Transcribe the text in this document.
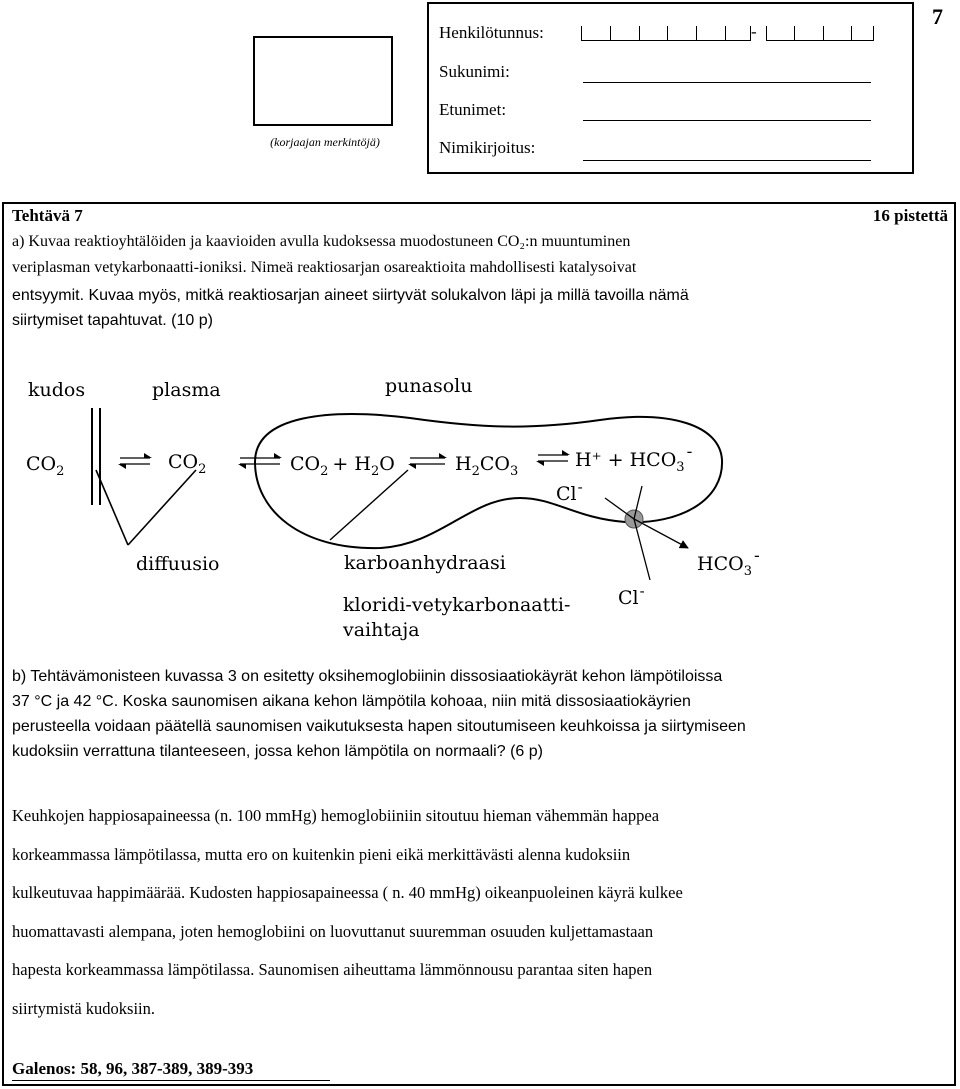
7
(korjaajan merkintöjä)
Henkilötunnus:	-
Sukunimi:
Etunimet:
Nimikirjoitus:
Tehtävä 7	16 pistettä
a) Kuvaa reaktioyhtälöiden ja kaavioiden avulla kudoksessa muodostuneen CO₂:n muuntuminen
veriplasman vetykarbonaatti-ioniksi. Nimeä reaktiosarjan osareaktioita mahdollisesti katalysoivat
entsyymit. Kuvaa myös, mitkä reaktiosarjan aineet siirtyvät solukalvon läpi ja millä tavoilla nämä
siirtymiset tapahtuvat. (10 p)
kudos	plasma	punasolu
$CO_2$	$CO_2$	$CO_2 + H_2O$	$H_2CO_3$
$H^+ + HCO_3-$
Cl-
diffuusio	karboanhydraasi	$HCO_3-$
Cl-
kloridi-vetykarbonaatti-
vaihtaja
b) Tehtävämonisteen kuvassa 3 on esitetty oksihemoglobiinin dissosiaatiokäyrät kehon lämpötiloissa
37 °C ja 42 °C. Koska saunomisen aikana kehon lämpötila kohoaa, niin mitä dissosiaatiokäyrien
perusteella voidaan päätellä saunomisen vaikutuksesta hapen sitoutumiseen keuhkoissa ja siirtymiseen
kudoksiin verrattuna tilanteeseen, jossa kehon lämpötila on normaali? (6 p)
Keuhkojen happiosapaineessa (n. 100 mmHg) hemoglobiiniin sitoutuu hieman vähemmän happea
korkeammassa lämpötilassa, mutta ero on kuitenkin pieni eikä merkittävästi alenna kudoksiin
kulkeutuvaa happimäärää. Kudosten happiosapaineessa ( n. 40 mmHg) oikeanpuoleinen käyrä kulkee
huomattavasti alempana, joten hemoglobiini on luovuttanut suuremman osuuden kuljettamastaan
hapesta korkeammassa lämpötilassa. Saunomisen aiheuttama lämmönnousu parantaa siten hapen
siirtymistä kudoksiin.
Galenos: 58, 96, 387-389, 389-393
